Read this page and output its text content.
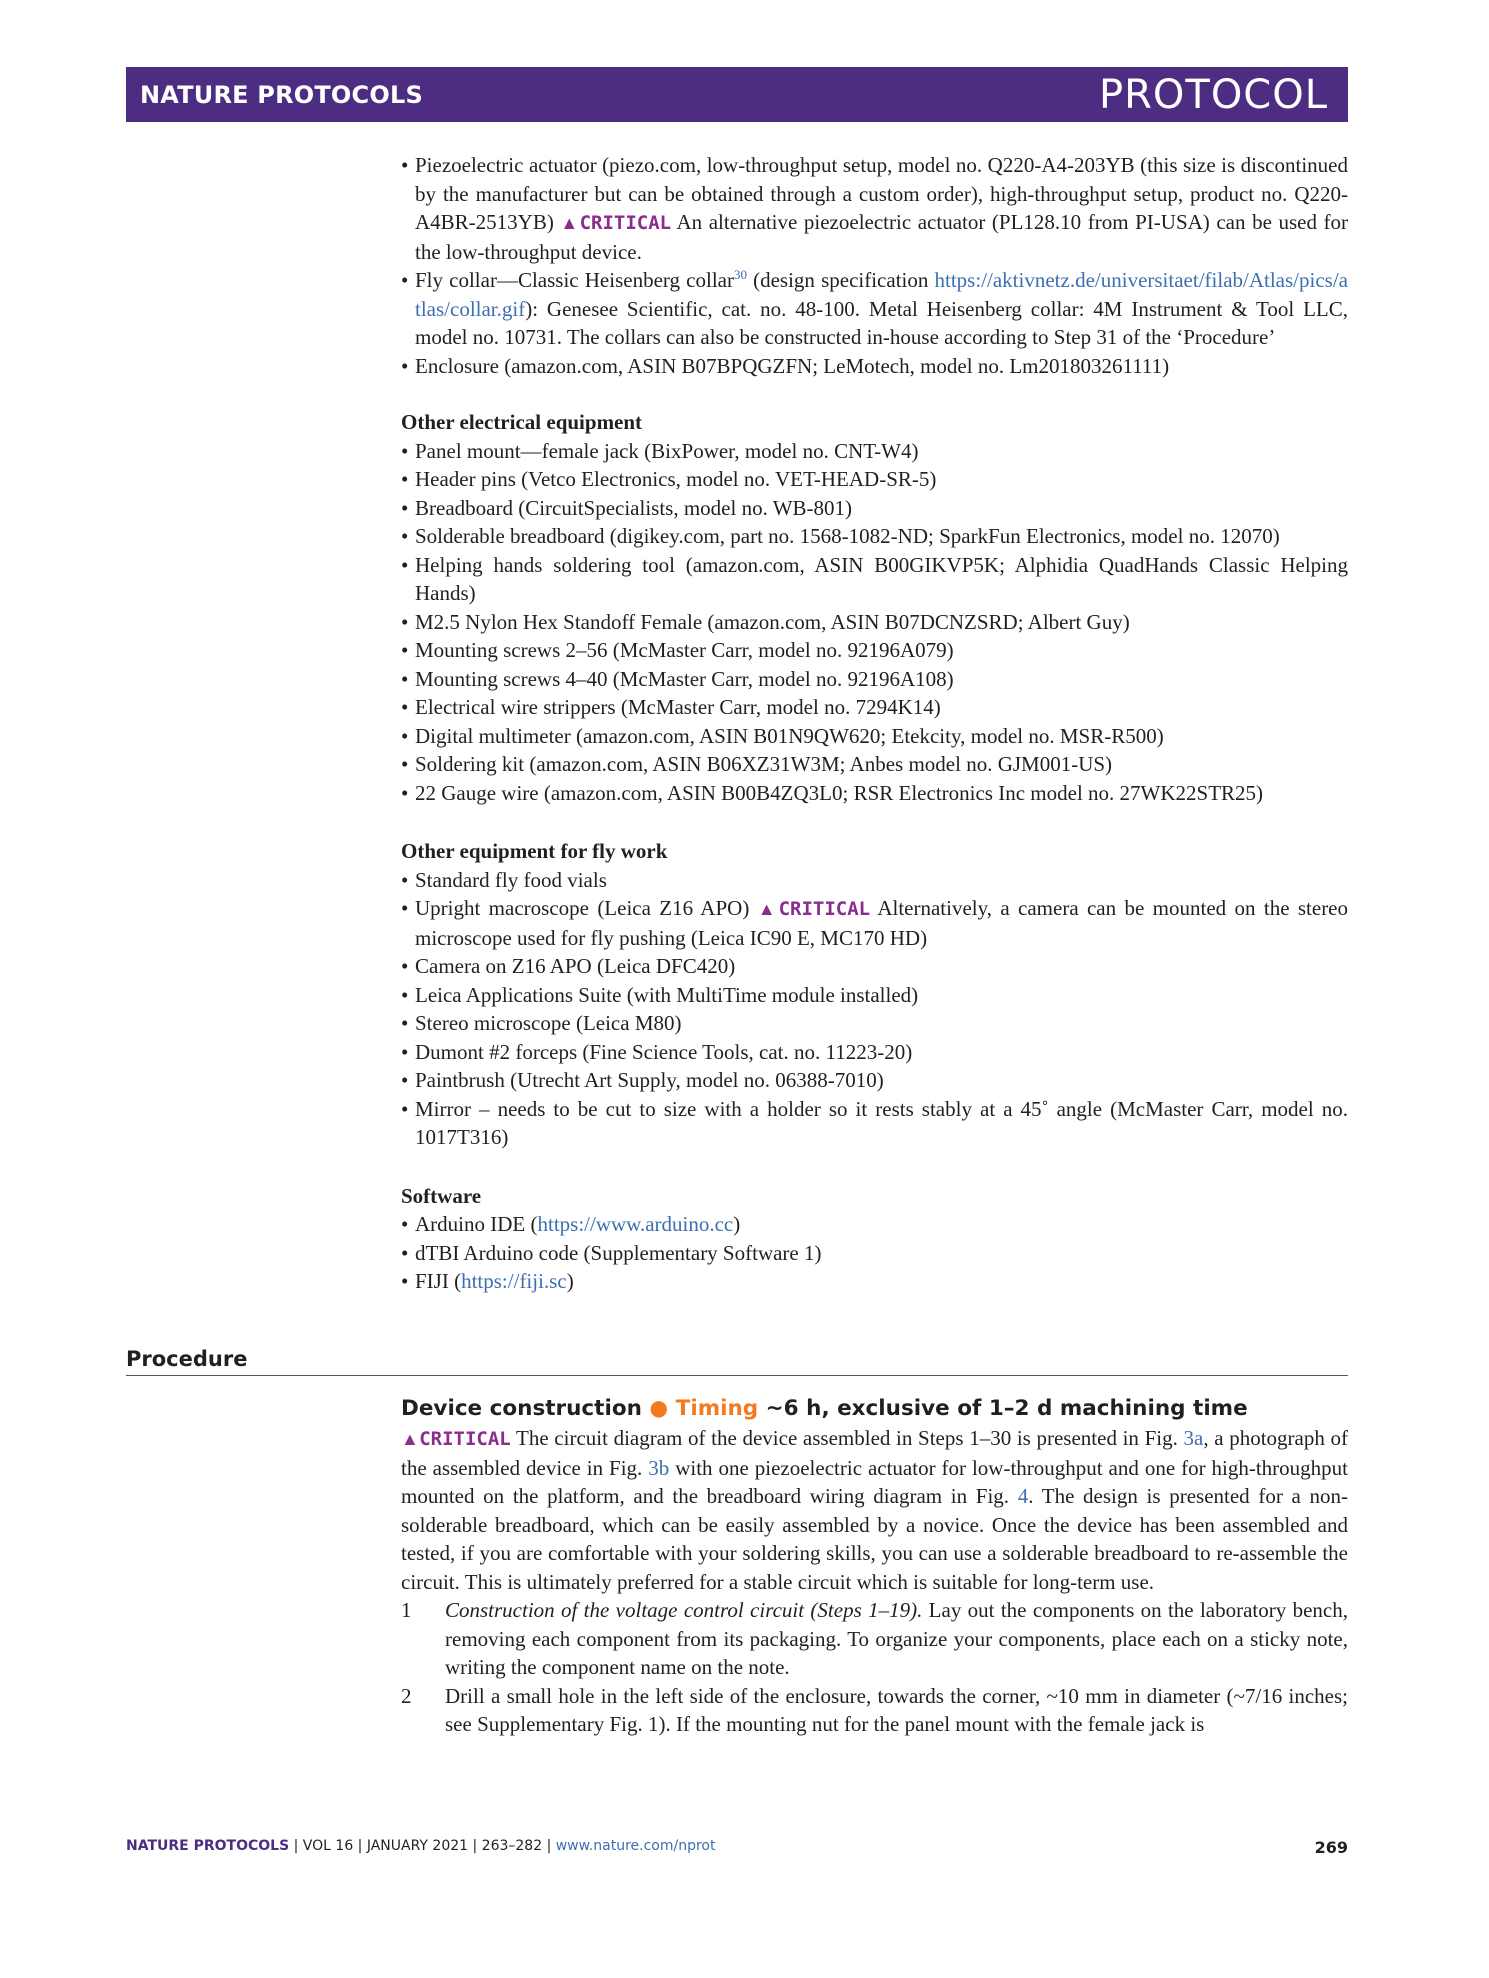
NATURE PROTOCOLS	PROTOCOL
• Piezoelectric actuator (piezo.com, low-throughput setup, model no. Q220-A4-203YB (this size is discontinued by the manufacturer but can be obtained through a custom order), high-throughput setup, product no. Q220-A4BR-2513YB) ▲CRITICAL An alternative piezoelectric actuator (PL128.10 from PI-USA) can be used for the low-throughput device.
• Fly collar—Classic Heisenberg collar$^{30}$ (design specification https://aktivnetz.de/universitaet/filab/Atlas/pics/atlas/collar.gif): Genesee Scientific, cat. no. 48-100. Metal Heisenberg collar: 4M Instrument & Tool LLC, model no. 10731. The collars can also be constructed in-house according to Step 31 of the ‘Procedure’
• Enclosure (amazon.com, ASIN B07BPQGZFN; LeMotech, model no. Lm201803261111)
Other electrical equipment
• Panel mount—female jack (BixPower, model no. CNT-W4)
• Header pins (Vetco Electronics, model no. VET-HEAD-SR-5)
• Breadboard (CircuitSpecialists, model no. WB-801)
• Solderable breadboard (digikey.com, part no. 1568-1082-ND; SparkFun Electronics, model no. 12070)
• Helping hands soldering tool (amazon.com, ASIN B00GIKVP5K; Alphidia QuadHands Classic Helping Hands)
• M2.5 Nylon Hex Standoff Female (amazon.com, ASIN B07DCNZSRD; Albert Guy)
• Mounting screws 2–56 (McMaster Carr, model no. 92196A079)
• Mounting screws 4–40 (McMaster Carr, model no. 92196A108)
• Electrical wire strippers (McMaster Carr, model no. 7294K14)
• Digital multimeter (amazon.com, ASIN B01N9QW620; Etekcity, model no. MSR-R500)
• Soldering kit (amazon.com, ASIN B06XZ31W3M; Anbes model no. GJM001-US)
• 22 Gauge wire (amazon.com, ASIN B00B4ZQ3L0; RSR Electronics Inc model no. 27WK22STR25)
Other equipment for fly work
• Standard fly food vials
• Upright macroscope (Leica Z16 APO) ▲CRITICAL Alternatively, a camera can be mounted on the stereo microscope used for fly pushing (Leica IC90 E, MC170 HD)
• Camera on Z16 APO (Leica DFC420)
• Leica Applications Suite (with MultiTime module installed)
• Stereo microscope (Leica M80)
• Dumont #2 forceps (Fine Science Tools, cat. no. 11223-20)
• Paintbrush (Utrecht Art Supply, model no. 06388-7010)
• Mirror – needs to be cut to size with a holder so it rests stably at a 45˚ angle (McMaster Carr, model no. 1017T316)
Software
• Arduino IDE (https://www.arduino.cc)
• dTBI Arduino code (Supplementary Software 1)
• FIJI (https://fiji.sc)
Procedure
Device construction ● Timing ~6 h, exclusive of 1–2 d machining time
▲CRITICAL The circuit diagram of the device assembled in Steps 1–30 is presented in Fig. 3a, a photograph of the assembled device in Fig. 3b with one piezoelectric actuator for low-throughput and one for high-throughput mounted on the platform, and the breadboard wiring diagram in Fig. 4. The design is presented for a non-solderable breadboard, which can be easily assembled by a novice. Once the device has been assembled and tested, if you are comfortable with your soldering skills, you can use a solderable breadboard to re-assemble the circuit. This is ultimately preferred for a stable circuit which is suitable for long-term use.
1 Construction of the voltage control circuit (Steps 1–19). Lay out the components on the laboratory bench, removing each component from its packaging. To organize your components, place each on a sticky note, writing the component name on the note.
2 Drill a small hole in the left side of the enclosure, towards the corner, ~10 mm in diameter (~7/16 inches; see Supplementary Fig. 1). If the mounting nut for the panel mount with the female jack is
NATURE PROTOCOLS | VOL 16 | JANUARY 2021 | 263–282 | www.nature.com/nprot	269
